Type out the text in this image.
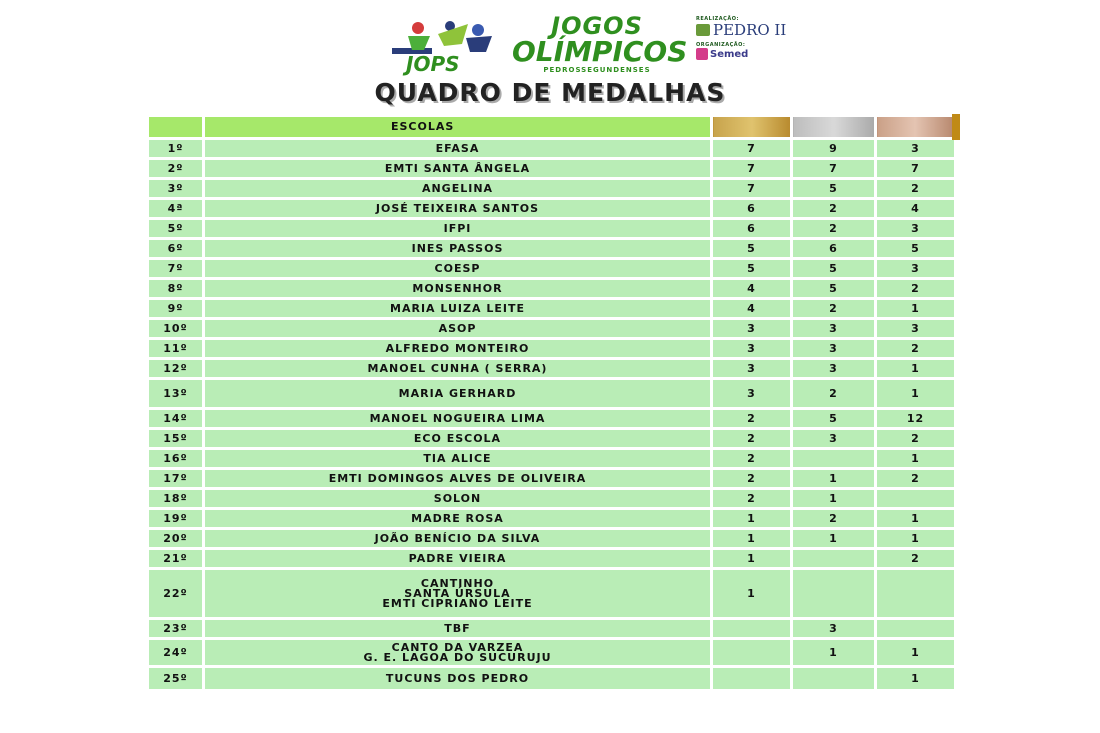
JOPS
JOGOS
OLÍMPICOS
PEDROSSEGUNDENSES
REALIZAÇÃO:
PEDRO II
ORGANIZAÇÃO:
Semed
QUADRO DE MEDALHAS
	ESCOLAS			
1º	EFASA	7	9	3
2º	EMTI SANTA ÂNGELA	7	7	7
3º	ANGELINA	7	5	2
4ª	JOSÉ TEIXEIRA SANTOS	6	2	4
5º	IFPI	6	2	3
6º	INES PASSOS	5	6	5
7º	COESP	5	5	3
8º	MONSENHOR	4	5	2
9º	MARIA LUIZA LEITE	4	2	1
10º	ASOP	3	3	3
11º	ALFREDO MONTEIRO	3	3	2
12º	MANOEL CUNHA ( SERRA)	3	3	1
13º	MARIA GERHARD	3	2	1
14º	MANOEL NOGUEIRA LIMA	2	5	12
15º	ECO ESCOLA	2	3	2
16º	TIA ALICE	2		1
17º	EMTI DOMINGOS ALVES DE OLIVEIRA	2	1	2
18º	SOLON	2	1	
19º	MADRE ROSA	1	2	1
20º	JOÃO BENÍCIO DA SILVA	1	1	1
21º	PADRE VIEIRA	1		2
22º	CANTINHO
SANTA ÚRSULA
EMTI CIPRIANO LEITE	1		
23º	TBF		3	
24º	CANTO DA VARZEA
G. E. LAGOA DO SUCURUJU		1	1
25º	TUCUNS DOS PEDRO			1
